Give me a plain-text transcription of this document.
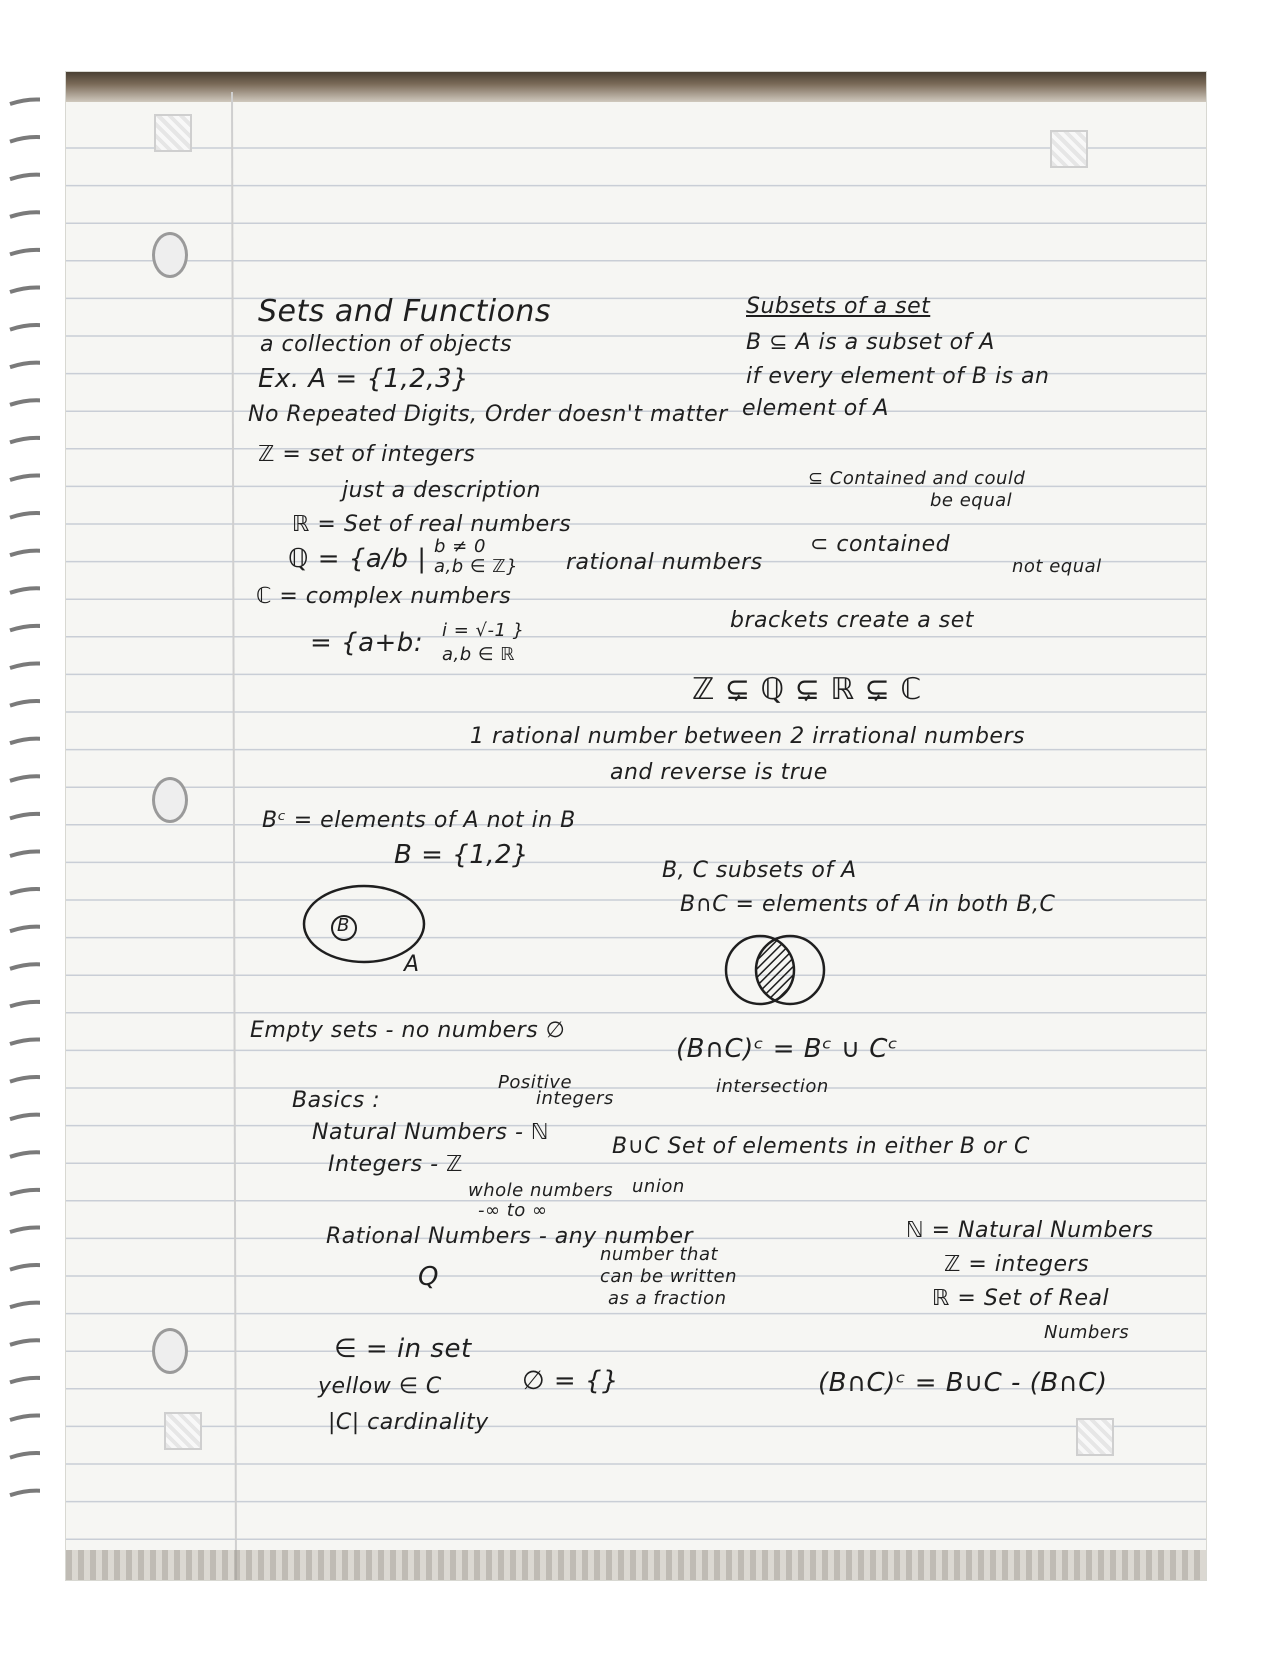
Sets and Functions
a collection of objects
Ex. A = {1,2,3}
No Repeated Digits, Order doesn't matter
ℤ = set of integers
just a description
ℝ = Set of real numbers
ℚ = {a/b | b ≠ 0
a,b ∈ ℤ} rational numbers
ℂ = complex numbers
= {a+b: i = √-1 }
a,b ∈ ℝ
Bᶜ = elements of A not in B
B = {1,2}
B
A
Empty sets - no numbers ∅
Basics :
Positive
integers
Natural Numbers - ℕ
Integers - ℤ
whole numbers
-∞ to ∞
Rational Numbers - any number
Q
number that
can be written
as a fraction
∈ = in set
yellow ∈ C	∅ = {}
|C| cardinality
Subsets of a set
B ⊆ A is a subset of A
if every element of B is an
element of A
⊆ Contained and could
be equal
⊂ contained
not equal
brackets create a set
ℤ ⊊ ℚ ⊊ ℝ ⊊ ℂ
1 rational number between 2 irrational numbers
and reverse is true
B, C subsets of A
B∩C = elements of A in both B,C
(B∩C)ᶜ = Bᶜ ∪ Cᶜ
intersection
B∪C Set of elements in either B or C
union
ℕ = Natural Numbers
ℤ = integers
ℝ = Set of Real
Numbers
(B∩C)ᶜ = B∪C - (B∩C)
